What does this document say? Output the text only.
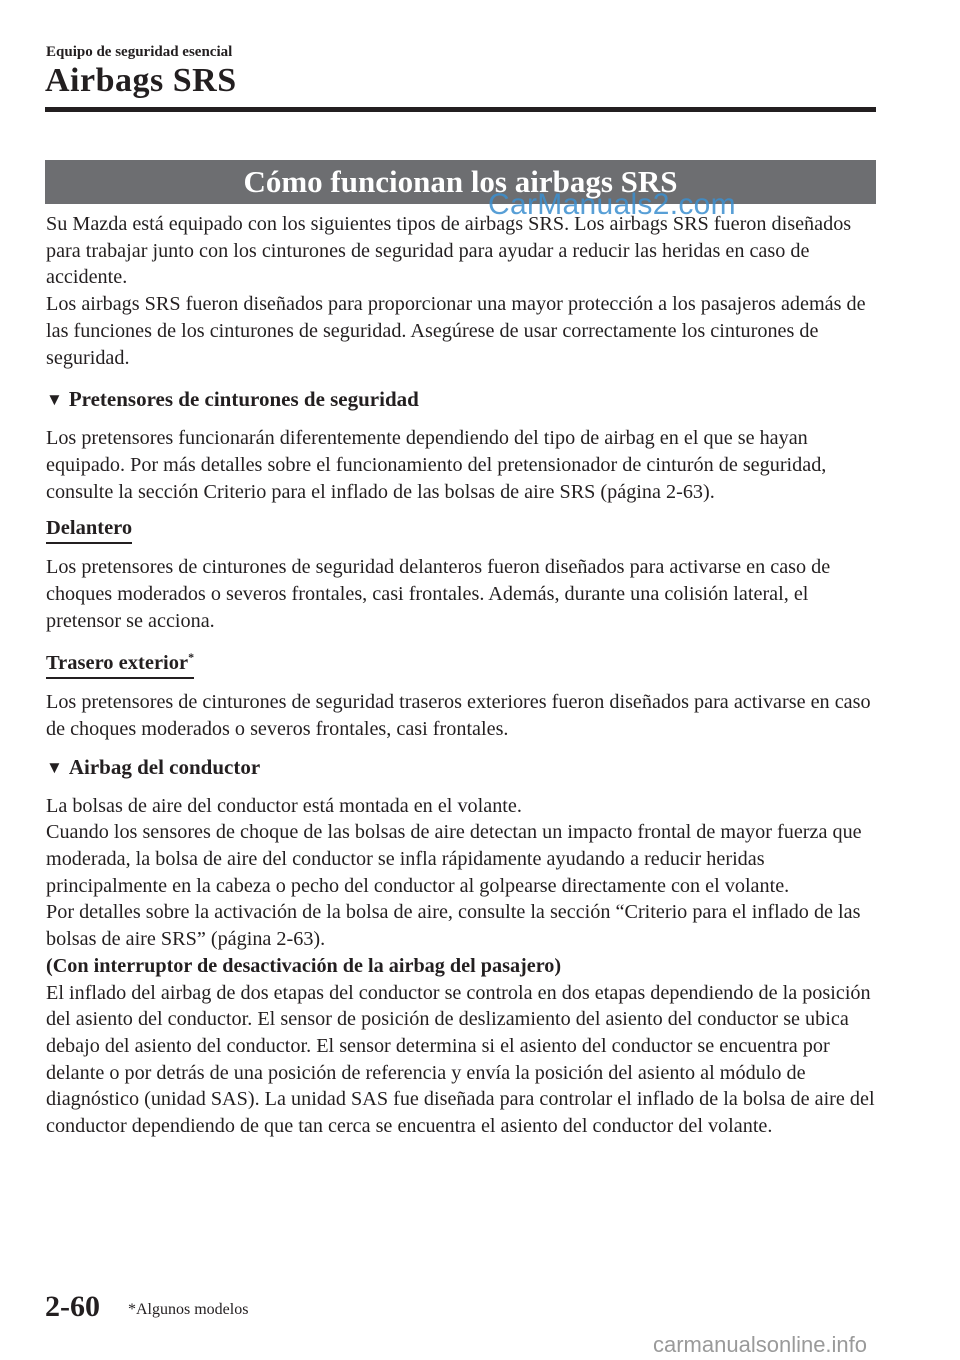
Equipo de seguridad esencial
Airbags SRS
Cómo funcionan los airbags SRS
CarManuals2.com

Su Mazda está equipado con los siguientes tipos de airbags SRS. Los airbags SRS fueron diseñados para trabajar junto con los cinturones de seguridad para ayudar a reducir las heridas en caso de accidente.

Los airbags SRS fueron diseñados para proporcionar una mayor protección a los pasajeros además de las funciones de los cinturones de seguridad. Asegúrese de usar correctamente los cinturones de seguridad.

▼ Pretensores de cinturones de seguridad

Los pretensores funcionarán diferentemente dependiendo del tipo de airbag en el que se hayan equipado. Por más detalles sobre el funcionamiento del pretensionador de cinturón de seguridad, consulte la sección Criterio para el inflado de las bolsas de aire SRS (página 2-63).

Delantero

Los pretensores de cinturones de seguridad delanteros fueron diseñados para activarse en caso de choques moderados o severos frontales, casi frontales. Además, durante una colisión lateral, el pretensor se acciona.

Trasero exterior*

Los pretensores de cinturones de seguridad traseros exteriores fueron diseñados para activarse en caso de choques moderados o severos frontales, casi frontales.

▼ Airbag del conductor

La bolsas de aire del conductor está montada en el volante.

Cuando los sensores de choque de las bolsas de aire detectan un impacto frontal de mayor fuerza que moderada, la bolsa de aire del conductor se infla rápidamente ayudando a reducir heridas principalmente en la cabeza o pecho del conductor al golpearse directamente con el volante.

Por detalles sobre la activación de la bolsa de aire, consulte la sección “Criterio para el inflado de las bolsas de aire SRS” (página 2-63).

(Con interruptor de desactivación de la airbag del pasajero)

El inflado del airbag de dos etapas del conductor se controla en dos etapas dependiendo de la posición del asiento del conductor. El sensor de posición de deslizamiento del asiento del conductor se ubica debajo del asiento del conductor. El sensor determina si el asiento del conductor se encuentra por delante o por detrás de una posición de referencia y envía la posición del asiento al módulo de diagnóstico (unidad SAS). La unidad SAS fue diseñada para controlar el inflado de la bolsa de aire del conductor dependiendo de que tan cerca se encuentra el asiento del conductor del volante.

2-60 *Algunos modelos
carmanualsonline.info
